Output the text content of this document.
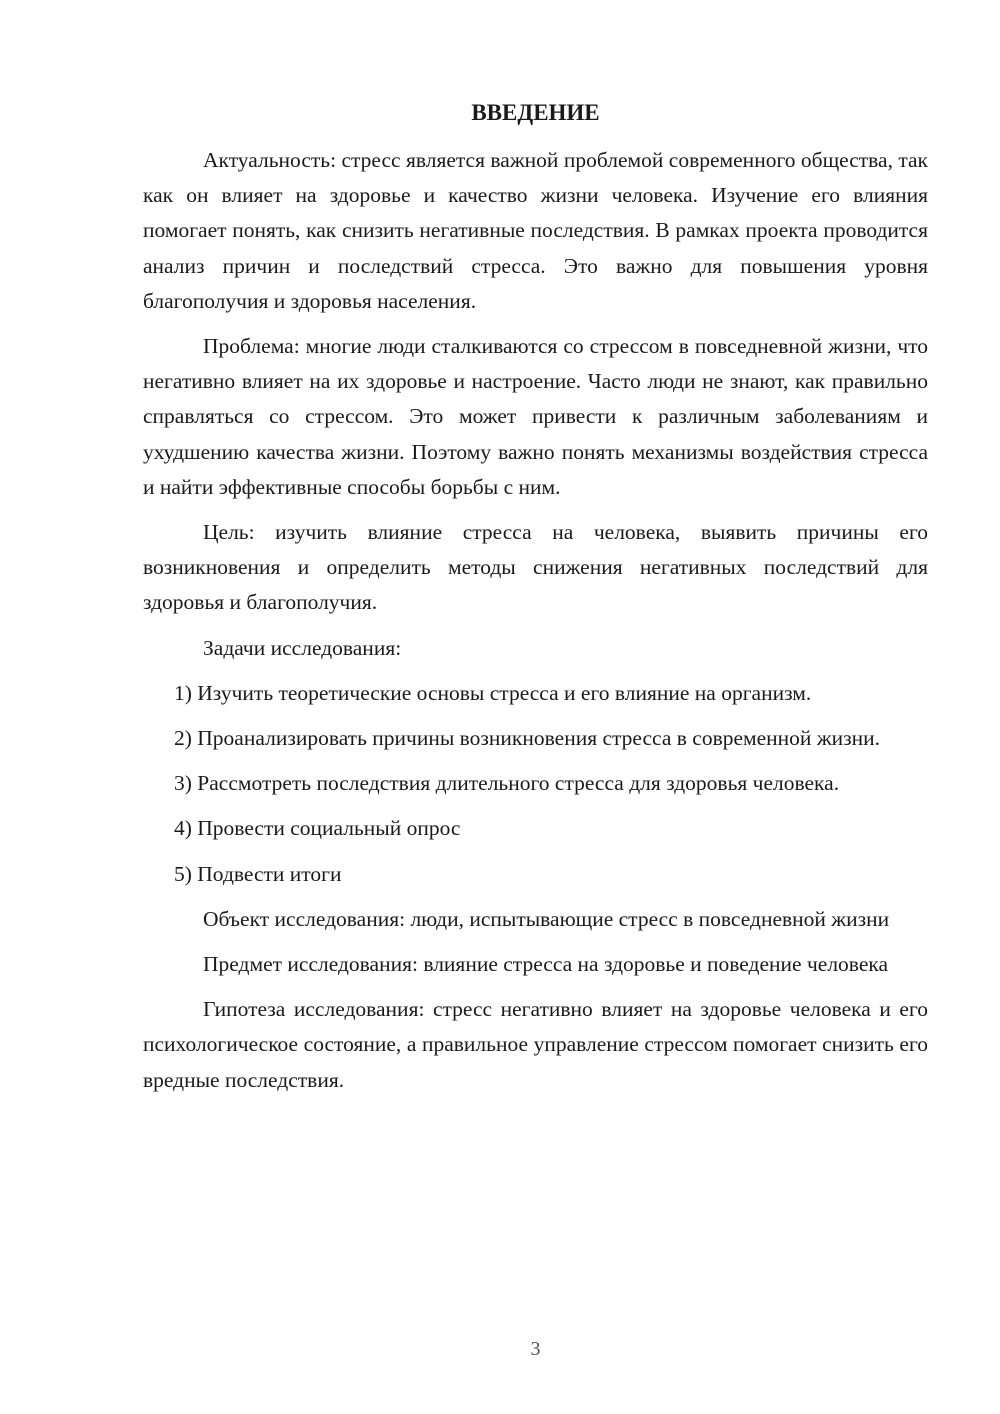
ВВЕДЕНИЕ

Актуальность: стресс является важной проблемой современного общества, так как он влияет на здоровье и качество жизни человека. Изучение его влияния помогает понять, как снизить негативные последствия. В рамках проекта проводится анализ причин и последствий стресса. Это важно для повышения уровня благополучия и здоровья населения.

Проблема: многие люди сталкиваются со стрессом в повседневной жизни, что негативно влияет на их здоровье и настроение. Часто люди не знают, как правильно справляться со стрессом. Это может привести к различным заболеваниям и ухудшению качества жизни. Поэтому важно понять механизмы воздействия стресса и найти эффективные способы борьбы с ним.

Цель: изучить влияние стресса на человека, выявить причины его возникновения и определить методы снижения негативных последствий для здоровья и благополучия.

Задачи исследования:

1) Изучить теоретические основы стресса и его влияние на организм.

2) Проанализировать причины возникновения стресса в современной жизни.

3) Рассмотреть последствия длительного стресса для здоровья человека.

4) Провести социальный опрос

5) Подвести итоги

Объект исследования: люди, испытывающие стресс в повседневной жизни

Предмет исследования: влияние стресса на здоровье и поведение человека

Гипотеза исследования: стресс негативно влияет на здоровье человека и его психологическое состояние, а правильное управление стрессом помогает снизить его вредные последствия.

3
